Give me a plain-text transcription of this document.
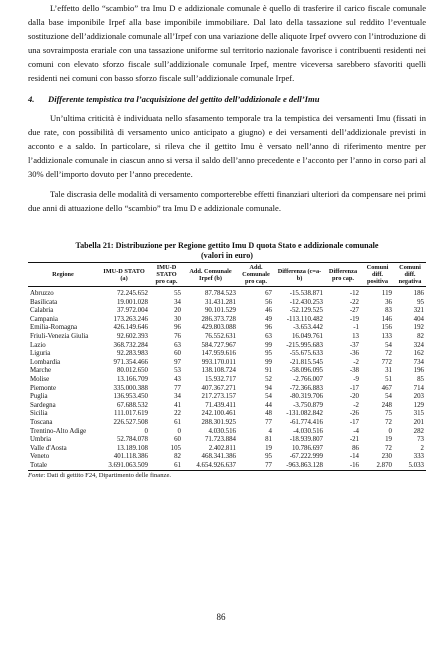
L’effetto dello “scambio” tra Imu D e addizionale comunale è quello di trasferire il carico fiscale comunale dalla base imponibile Irpef alla base imponibile immobiliare. Dal lato della tassazione sul reddito l’eventuale sostituzione dell’addizionale comunale all’Irpef con una variazione delle aliquote Irpef ovvero con l’introduzione di una sovraimposta erariale con una tassazione uniforme sul territorio nazionale favorisce i contribuenti residenti nei comuni con elevato sforzo fiscale sull’addizionale comunale Irpef, mentre viceversa sarebbero sfavoriti quelli residenti nei comuni con basso sforzo fiscale sull’addizionale comunale Irpef.

4. Differente tempistica tra l’acquisizione del gettito dell’addizionale e dell’Imu

Un’ultima criticità è individuata nello sfasamento temporale tra la tempistica dei versamenti Imu (fissati in due rate, con possibilità di versamento unico anticipato a giugno) e dei versamenti dell’addizionale previsti in acconto e a saldo. In particolare, si rileva che il gettito Imu è versato nell’anno di riferimento mentre per l’addizionale comunale in ciascun anno si versa il saldo dell’anno precedente e l’acconto per l’anno in corso pari al 30% dell’importo dovuto per l’anno precedente.

Tale discrasia delle modalità di versamento comporterebbe effetti finanziari ulteriori da compensare nei primi due anni di attuazione dello “scambio” tra Imu D e addizionale comunale.

Tabella 21: Distribuzione per Regione gettito Imu D quota Stato e addizionale comunale
(valori in euro)
Regione	IMU-D STATO (a)	IMU-D STATO pro cap.	Add. Comunale Irpef (b)	Add. Comunale pro cap.	Differenza (c=a-b)	Differenza pro cap.	Comuni diff. positiva	Comuni diff. negativa
Abruzzo	72.245.652	55	87.784.523	67	-15.538.871	-12	119	186
Basilicata	19.001.028	34	31.431.281	56	-12.430.253	-22	36	95
Calabria	37.972.004	20	90.101.529	46	-52.129.525	-27	83	321
Campania	173.263.246	30	286.373.728	49	-113.110.482	-19	146	404
Emilia-Romagna	426.149.646	96	429.803.088	96	-3.653.442	-1	156	192
Friuli-Venezia Giulia	92.602.393	76	76.552.631	63	16.049.761	13	133	82
Lazio	368.732.284	63	584.727.967	99	-215.995.683	-37	54	324
Liguria	92.283.983	60	147.959.616	95	-55.675.633	-36	72	162
Lombardia	971.354.466	97	993.170.011	99	-21.815.545	-2	772	734
Marche	80.012.650	53	138.108.724	91	-58.096.095	-38	31	196
Molise	13.166.709	43	15.932.717	52	-2.766.007	-9	51	85
Piemonte	335.000.388	77	407.367.271	94	-72.366.883	-17	467	714
Puglia	136.953.450	34	217.273.157	54	-80.319.706	-20	54	203
Sardegna	67.688.532	41	71.439.411	44	-3.750.879	-2	248	129
Sicilia	111.017.619	22	242.100.461	48	-131.082.842	-26	75	315
Toscana	226.527.508	61	288.301.925	77	-61.774.416	-17	72	201
Trentino-Alto Adige	0	0	4.030.516	4	-4.030.516	-4	0	282
Umbria	52.784.078	60	71.723.884	81	-18.939.807	-21	19	73
Valle d'Aosta	13.189.108	105	2.402.811	19	10.786.697	86	72	2
Veneto	401.118.386	82	468.341.386	95	-67.222.999	-14	230	333
Totale	3.691.063.509	61	4.654.926.637	77	-963.863.128	-16	2.870	5.033
Fonte: Dati di gettito F24, Dipartimento delle finanze.
86
